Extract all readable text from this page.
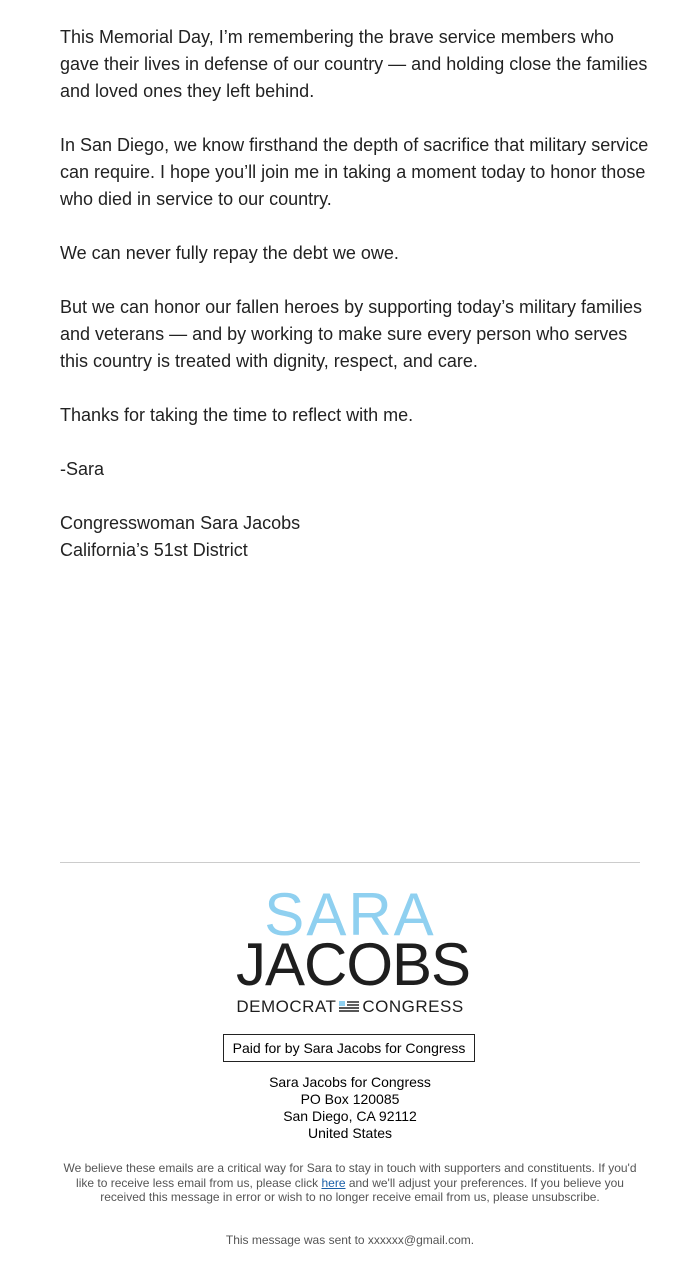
This Memorial Day, I’m remembering the brave service members who gave their lives in defense of our country — and holding close the families and loved ones they left behind.

In San Diego, we know firsthand the depth of sacrifice that military service can require. I hope you’ll join me in taking a moment today to honor those who died in service to our country.

We can never fully repay the debt we owe.

But we can honor our fallen heroes by supporting today’s military families and veterans — and by working to make sure every person who serves this country is treated with dignity, respect, and care.

Thanks for taking the time to reflect with me.

-Sara

Congresswoman Sara Jacobs
California’s 51st District

SARA
JACOBS
DEMOCRAT CONGRESS
Paid for by Sara Jacobs for Congress
Sara Jacobs for Congress
PO Box 120085
San Diego, CA 92112
United States
We believe these emails are a critical way for Sara to stay in touch with supporters and constituents. If you'd like to receive less email from us, please click here and we'll adjust your preferences. If you believe you received this message in error or wish to no longer receive email from us, please unsubscribe.
This message was sent to xxxxxx@gmail.com.
